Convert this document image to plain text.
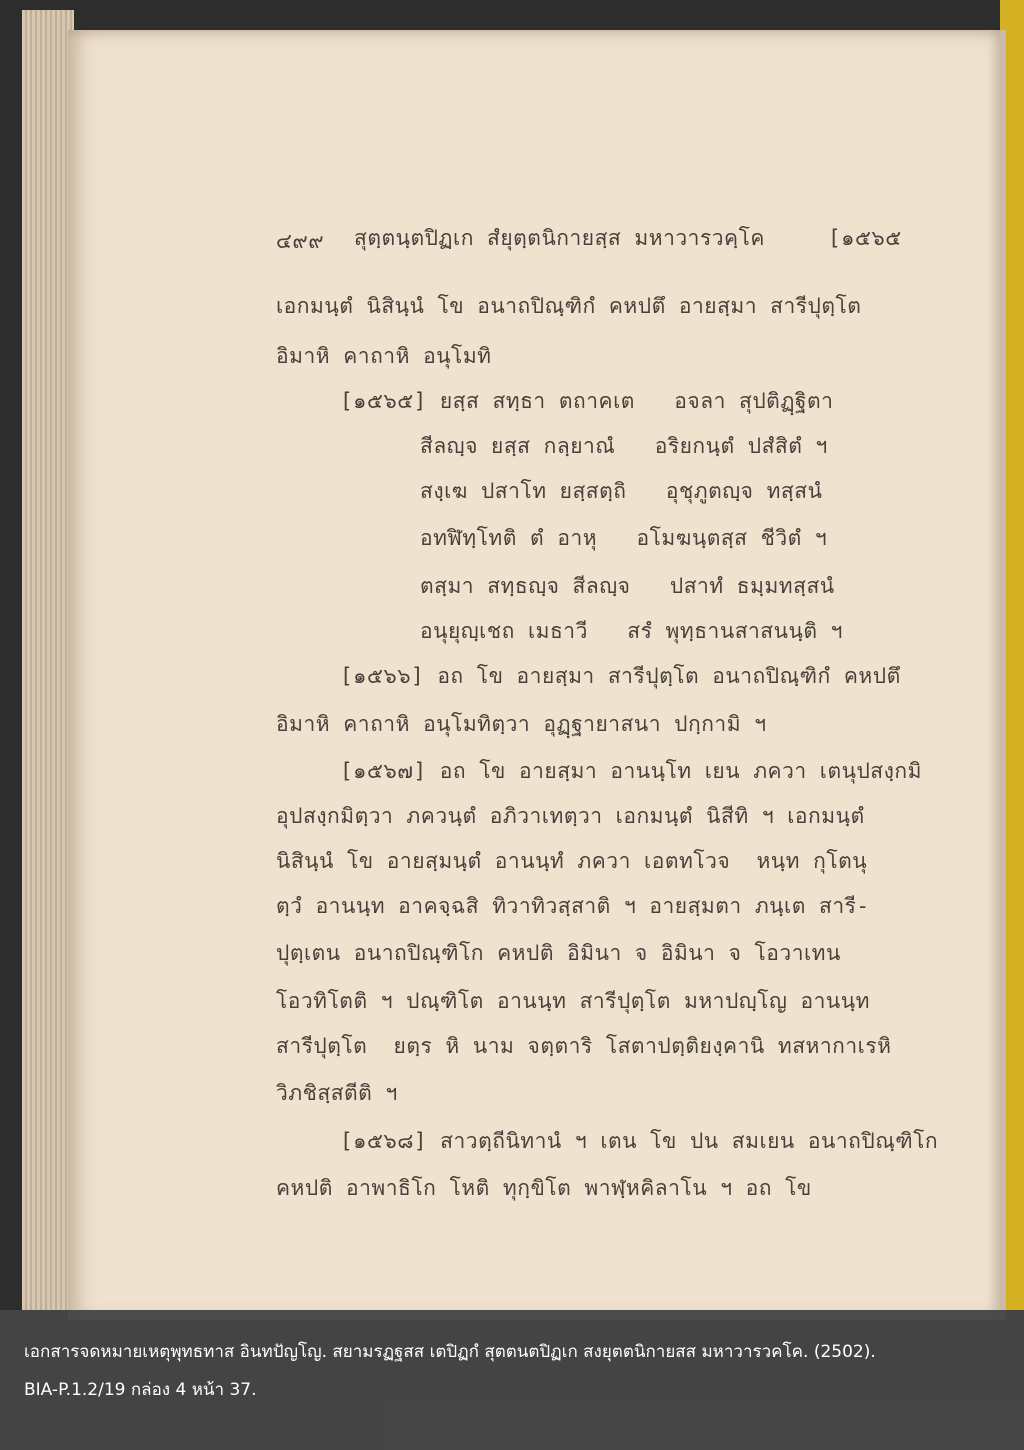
๔๙๙ สุตฺตนฺตปิฏเก สํยุตฺตนิกายสฺส มหาวารวคฺโค	[๑๕๖๕
เอกมนฺตํ นิสินฺนํ โข อนาถปิณฺฑิกํ คหปตึ อายสฺมา สารีปุตฺโต
อิมาหิ คาถาหิ อนุโมทิ
[๑๕๖๕] ยสฺส สทฺธา ตถาคเต   อจลา สุปติฏฺฐิตา
สีลญฺจ ยสฺส กลฺยาณํ   อริยกนฺตํ ปสํสิตํ ฯ
สงฺเฆ ปสาโท ยสฺสตฺถิ   อุชุภูตญฺจ ทสฺสนํ
อทฬิทฺโทติ ตํ อาหุ   อโมฆนฺตสฺส ชีวิตํ ฯ
ตสฺมา สทฺธญฺจ สีลญฺจ   ปสาทํ ธมฺมทสฺสนํ
อนุยุญฺเชถ เมธาวี   สรํ พุทฺธานสาสนนฺติ ฯ
[๑๕๖๖] อถ โข อายสฺมา สารีปุตฺโต อนาถปิณฺฑิกํ คหปตึ
อิมาหิ คาถาหิ อนุโมทิตฺวา อุฏฺฐายาสนา ปกฺกามิ ฯ
[๑๕๖๗] อถ โข อายสฺมา อานนฺโท เยน ภควา เตนุปสงฺกมิ
อุปสงฺกมิตฺวา ภควนฺตํ อภิวาเทตฺวา เอกมนฺตํ นิสีทิ ฯ เอกมนฺตํ
นิสินฺนํ โข อายสฺมนฺตํ อานนฺทํ ภควา เอตทโวจ  หนฺท กุโตนุ
ตฺวํ อานนฺท อาคจฺฉสิ ทิวาทิวสฺสาติ ฯ อายสฺมตา ภนฺเต สารี-
ปุตฺเตน อนาถปิณฺฑิโก คหปติ อิมินา จ อิมินา จ โอวาเทน
โอวทิโตติ ฯ ปณฺฑิโต อานนฺท สารีปุตฺโต มหาปญฺโญ อานนฺท
สารีปุตฺโต  ยตฺร หิ นาม จตฺตาริ โสตาปตฺติยงฺคานิ ทสหากาเรหิ
วิภชิสฺสตีติ ฯ
[๑๕๖๘] สาวตฺถีนิทานํ ฯ เตน โข ปน สมเยน อนาถปิณฺฑิโก
คหปติ อาพาธิโก โหติ ทุกฺขิโต พาฬฺหคิลาโน ฯ อถ โข
เอกสารจดหมายเหตุพุทธทาส อินทปัญโญ. สยามรฏฐสส เตปิฏกํ สุตตนตปิฏเก สงยุตตนิกายสส มหาวารวคโค. (2502).
BIA-P.1.2/19 กล่อง 4 หน้า 37.
